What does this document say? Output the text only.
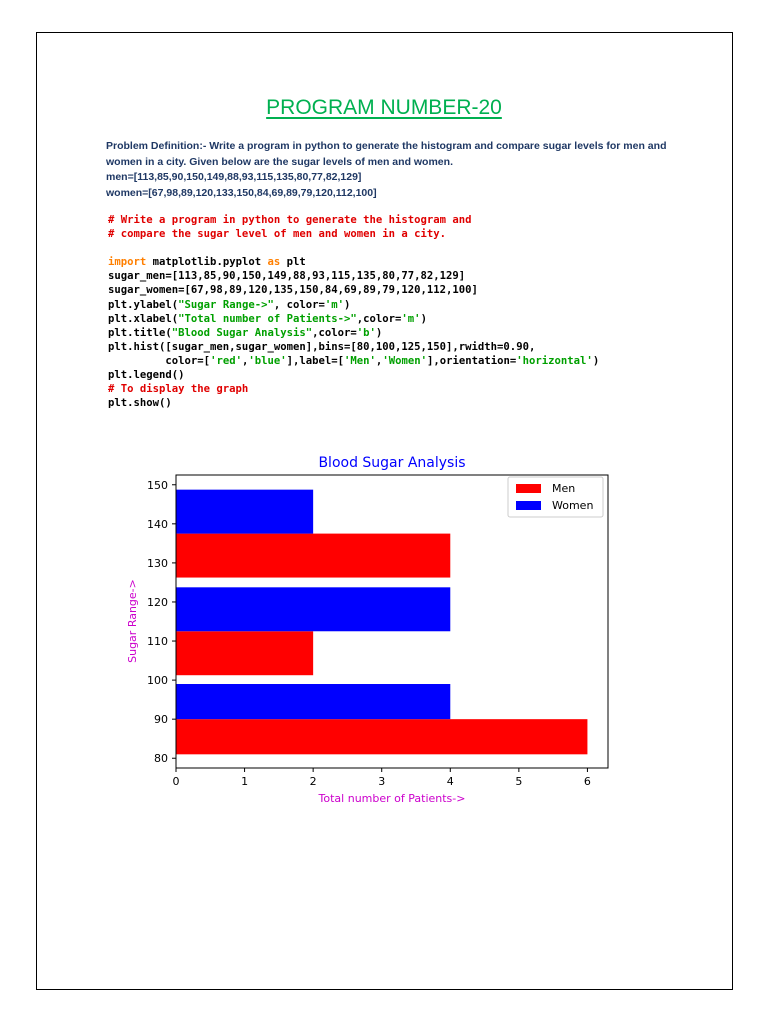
PROGRAM NUMBER-20

Problem Definition:- Write a program in python to generate the histogram and compare sugar levels for men and

women in a city. Given below are the sugar levels of men and women.

men=[113,85,90,150,149,88,93,115,135,80,77,82,129]

women=[67,98,89,120,133,150,84,69,89,79,120,112,100]

# Write a program in python to generate the histogram and
# compare the sugar level of men and women in a city.
import matplotlib.pyplot as plt
sugar_men=[113,85,90,150,149,88,93,115,135,80,77,82,129]
sugar_women=[67,98,89,120,135,150,84,69,89,79,120,112,100]
plt.ylabel("Sugar Range->", color='m')
plt.xlabel("Total number of Patients->",color='m')
plt.title("Blood Sugar Analysis",color='b')
plt.hist([sugar_men,sugar_women],bins=[80,100,125,150],rwidth=0.90,
color=['red','blue'],label=['Men','Women'],orientation='horizontal')
plt.legend()
# To display the graph
plt.show()
Blood Sugar Analysis
Total number of Patients->
Sugar Range->
Men
Women
0	1	2	3	4	5	6
80
90
100
110
120
130
140
150
